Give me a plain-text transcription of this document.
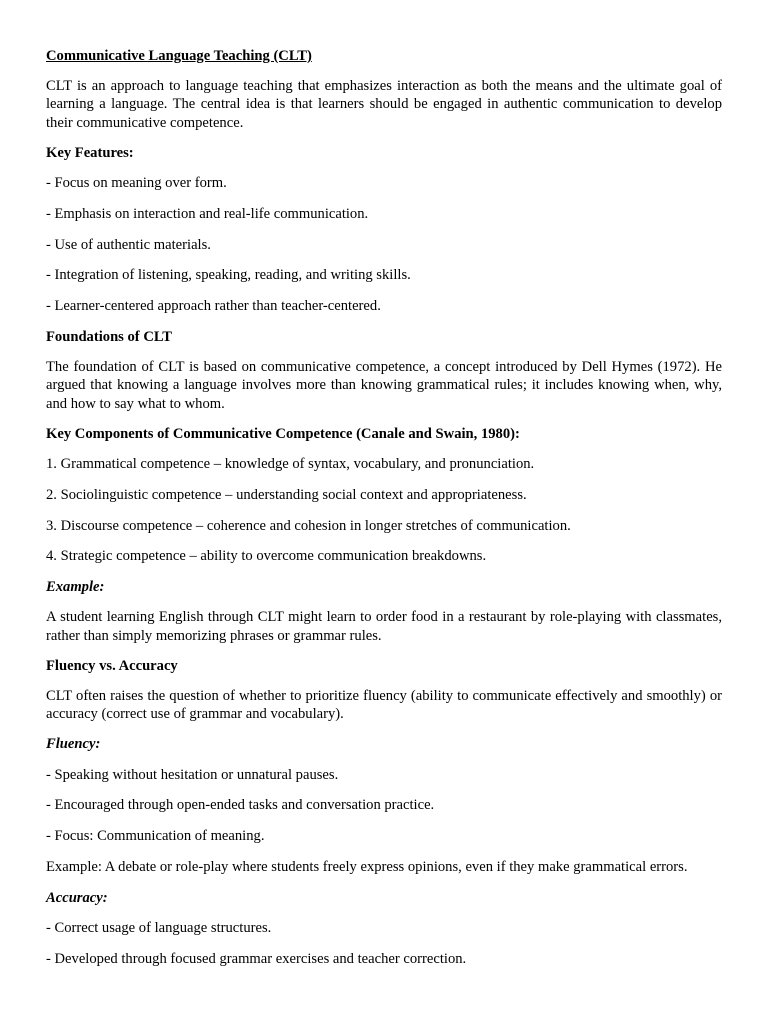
Communicative Language Teaching (CLT)
CLT is an approach to language teaching that emphasizes interaction as both the means and the ultimate goal of learning a language. The central idea is that learners should be engaged in authentic communication to develop their communicative competence.
Key Features:
- Focus on meaning over form.
- Emphasis on interaction and real-life communication.
- Use of authentic materials.
- Integration of listening, speaking, reading, and writing skills.
- Learner-centered approach rather than teacher-centered.
Foundations of CLT
The foundation of CLT is based on communicative competence, a concept introduced by Dell Hymes (1972). He argued that knowing a language involves more than knowing grammatical rules; it includes knowing when, why, and how to say what to whom.
Key Components of Communicative Competence (Canale and Swain, 1980):
1. Grammatical competence – knowledge of syntax, vocabulary, and pronunciation.
2. Sociolinguistic competence – understanding social context and appropriateness.
3. Discourse competence – coherence and cohesion in longer stretches of communication.
4. Strategic competence – ability to overcome communication breakdowns.
Example:
A student learning English through CLT might learn to order food in a restaurant by role-playing with classmates, rather than simply memorizing phrases or grammar rules.
Fluency vs. Accuracy
CLT often raises the question of whether to prioritize fluency (ability to communicate effectively and smoothly) or accuracy (correct use of grammar and vocabulary).
Fluency:
- Speaking without hesitation or unnatural pauses.
- Encouraged through open-ended tasks and conversation practice.
- Focus: Communication of meaning.
Example: A debate or role-play where students freely express opinions, even if they make grammatical errors.
Accuracy:
- Correct usage of language structures.
- Developed through focused grammar exercises and teacher correction.
